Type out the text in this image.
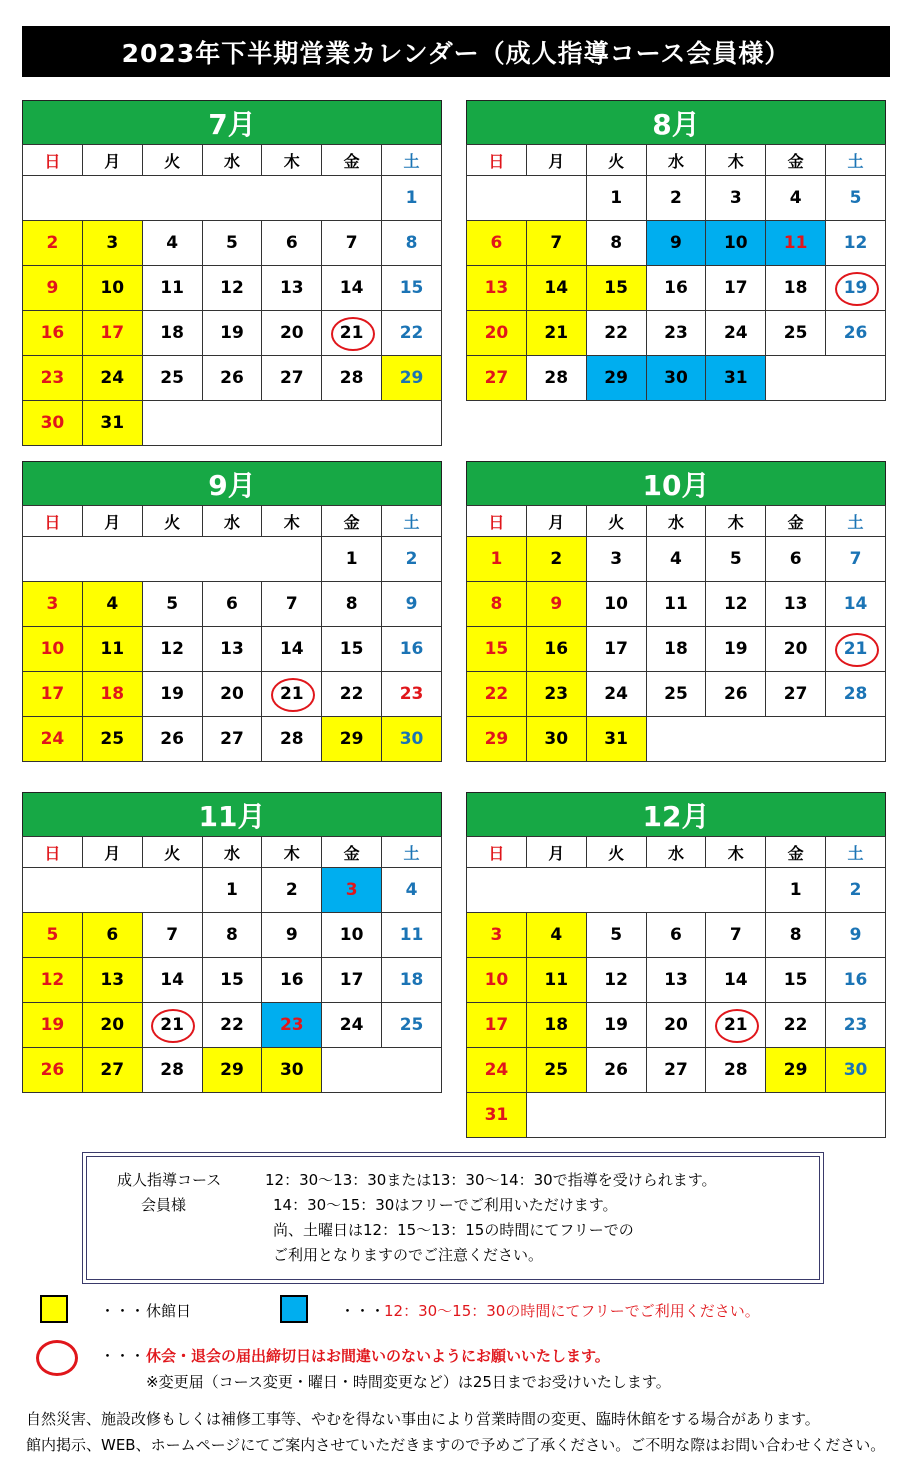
2023年下半期営業カレンダー（成人指導コース会員様）
7月
日	月	火	水	木	金	土
						1
2	3	4	5	6	7	8
9	10	11	12	13	14	15
16	17	18	19	20	21	22
23	24	25	26	27	28	29
30	31					
8月
日	月	火	水	木	金	土
		1	2	3	4	5
6	7	8	9	10	11	12
13	14	15	16	17	18	19

20	21	22	23	24	25	26
27	28	29	30	31		
9月
日	月	火	水	木	金	土
					1	2
3	4	5	6	7	8	9
10	11	12	13	14	15	16
17	18	19	20	21	22	23
24	25	26	27	28	29	30
10月
日	月	火	水	木	金	土
1	2	3	4	5	6	7
8	9	10	11	12	13	14
15	16	17	18	19	20	21

22	23	24	25	26	27	28
29	30	31				
11月
日	月	火	水	木	金	土
			1	2	3	4
5	6	7	8	9	10	11
12	13	14	15	16	17	18
19	20	21	22	23	24	25
26	27	28	29	30		
12月
日	月	火	水	木	金	土
					1	2
3	4	5	6	7	8	9
10	11	12	13	14	15	16
17	18	19	20	21	22	23
24	25	26	27	28	29	30
31						
成人指導コース
会員様
12：30～13：30または13：30～14：30で指導を受けられます。
14：30～15：30はフリーでご利用いただけます。
尚、土曜日は12：15～13：15の時間にてフリーでの
ご利用となりますのでご注意ください。
・・・ 休館日	・・・
12：30～15：30の時間にてフリーでご利用ください。
・・・ 休会・退会の届出締切日はお間違いのないようにお願いいたします。
※変更届（コース変更・曜日・時間変更など）は25日までお受けいたします。
自然災害、施設改修もしくは補修工事等、やむを得ない事由により営業時間の変更、臨時休館をする場合があります。
館内掲示、WEB、ホームページにてご案内させていただきますので予めご了承ください。ご不明な際はお問い合わせください。
